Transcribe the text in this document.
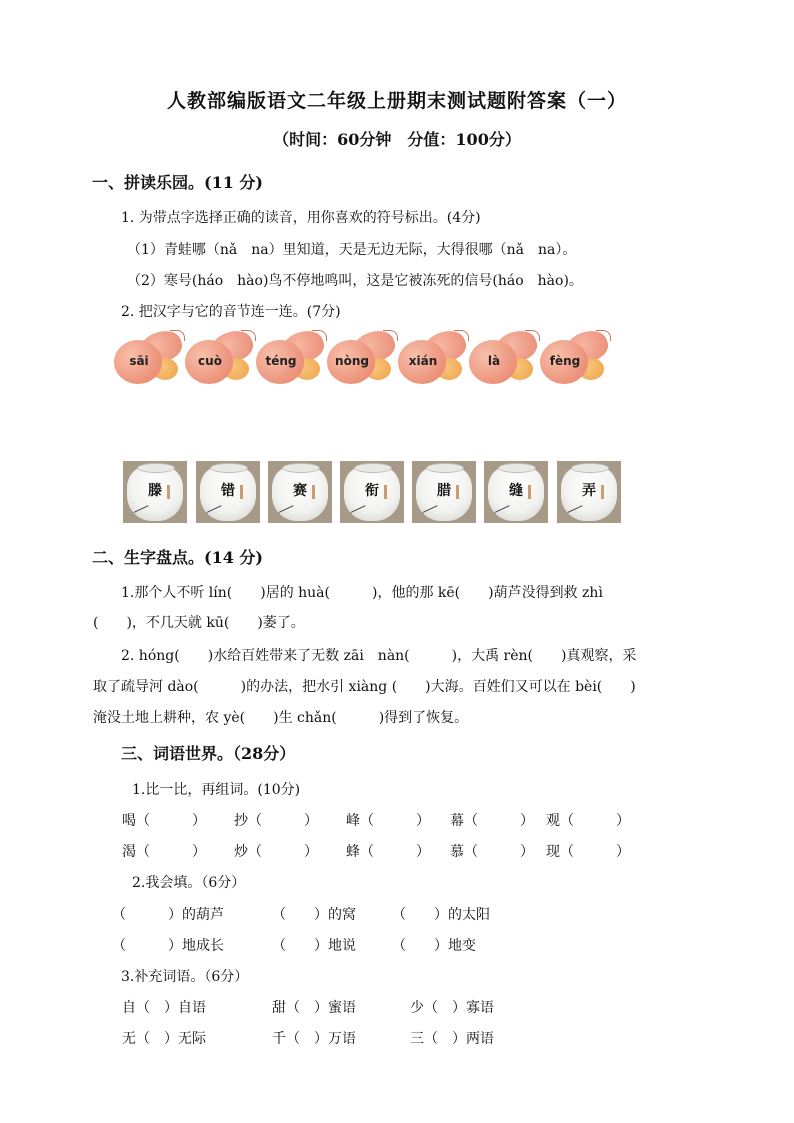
人教部编版语文二年级上册期末测试题附答案（一）
（时间：60分钟　分值：100分）
一、拼读乐园。(11 分)
1. 为带点字选择正确的读音，用你喜欢的符号标出。(4分)
（1）青蛙哪（nǎ　na）里知道，天是无边无际，大得很哪（nǎ　na）。
（2）寒号(háo　hào)鸟不停地鸣叫，这是它被冻死的信号(háo　hào)。
2. 把汉字与它的音节连一连。(7分)
sāi	cuò	téng	nòng	xián	là	fèng
滕	错	赛	衔	腊	缝	弄
二、生字盘点。(14 分)
1.那个人不听 lín(　　)居的 huà(　　　)，他的那 kē(　　)葫芦没得到救 zhì
(　　)，不几天就 kū(　　)萎了。
2. hóng(　　)水给百姓带来了无数 zāi　nàn(　　　)，大禹 rèn(　　)真观察，采
取了疏导河 dào(　　　)的办法，把水引 xiàng (　　)大海。百姓们又可以在 bèi(　　)
淹没土地上耕种，农 yè(　　)生 chǎn(　　　)得到了恢复。
三、词语世界。（28分）
1.比一比，再组词。(10分)
喝（　　　） 抄（　　　） 峰（　　　） 幕（　　　） 观（　　　）
渴（　　　） 炒（　　　） 蜂（　　　） 慕（　　　） 现（　　　）
2.我会填。（6分）
（　　　）的葫芦	（　　）的窝	（　　）的太阳
（　　　）地成长	（　　）地说	（　　）地变
3.补充词语。（6分）
自（　）自语	甜（　）蜜语	少（　）寡语
无（　）无际	千（　）万语	三（　）两语
